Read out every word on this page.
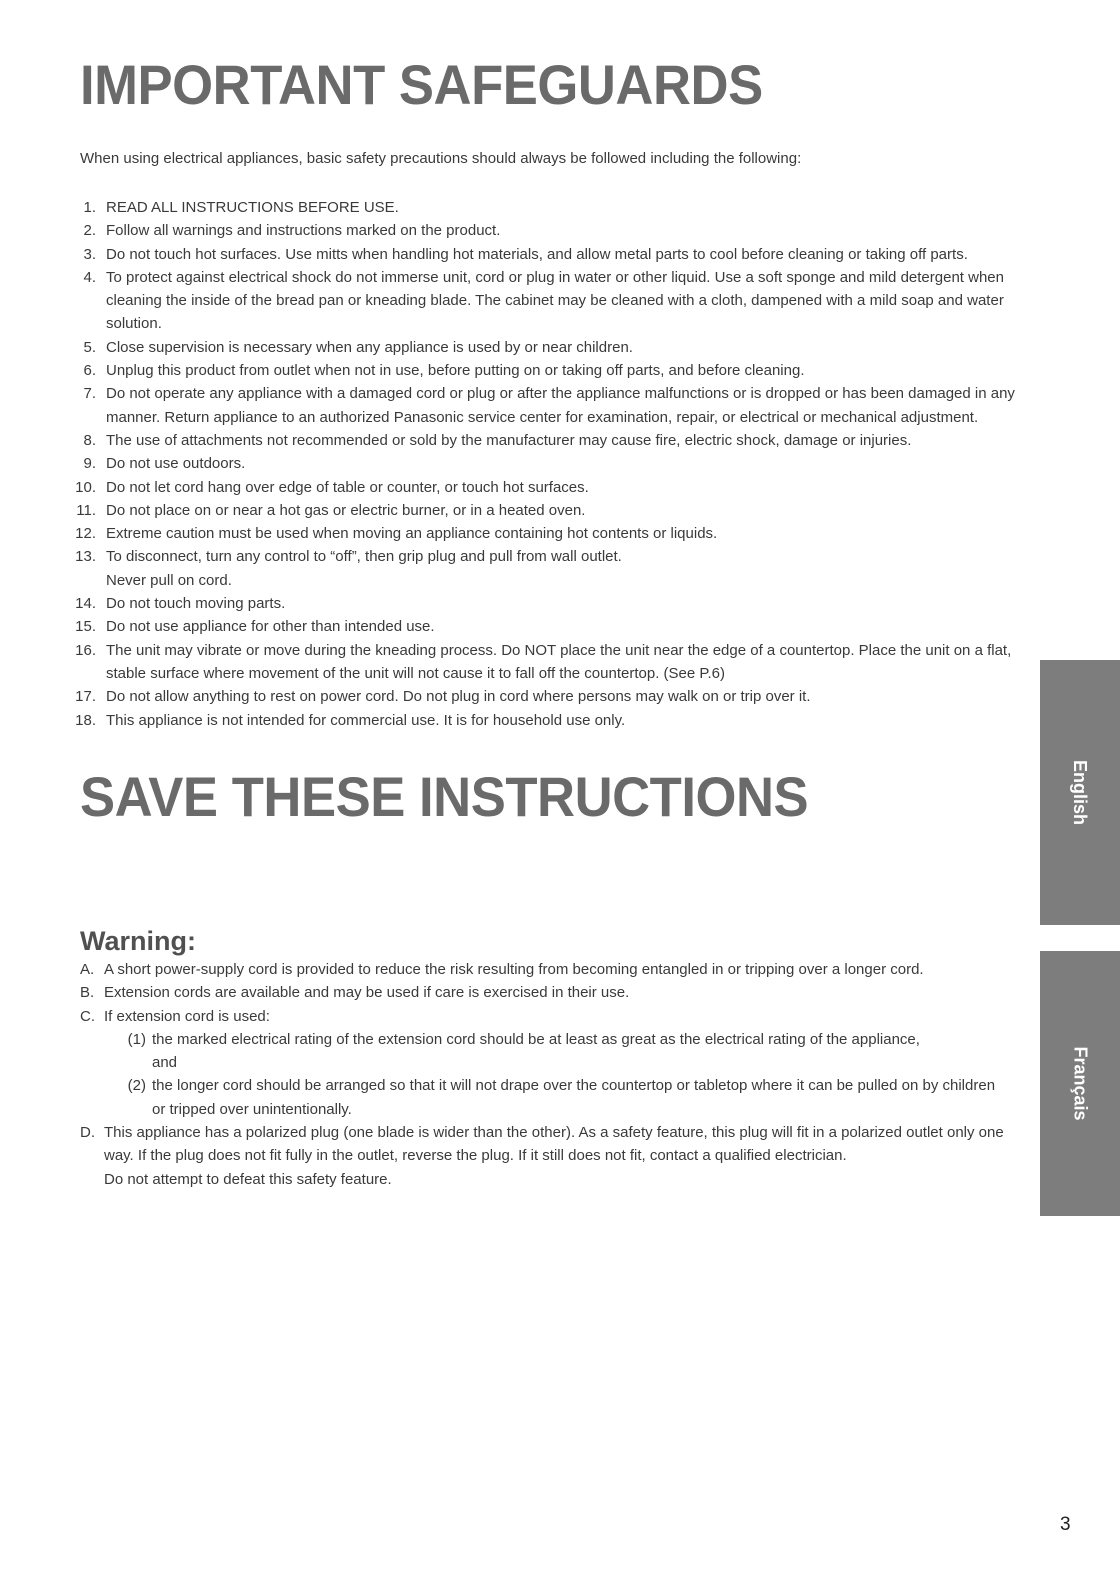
IMPORTANT SAFEGUARDS

When using electrical appliances, basic safety precautions should always be followed including the following:

1. READ ALL INSTRUCTIONS BEFORE USE.
2. Follow all warnings and instructions marked on the product.
3. Do not touch hot surfaces. Use mitts when handling hot materials, and allow metal parts to cool before cleaning or taking off parts.
4. To protect against electrical shock do not immerse unit, cord or plug in water or other liquid. Use a soft sponge and mild detergent when cleaning the inside of the bread pan or kneading blade. The cabinet may be cleaned with a cloth, dampened with a mild soap and water solution.
5. Close supervision is necessary when any appliance is used by or near children.
6. Unplug this product from outlet when not in use, before putting on or taking off parts, and before cleaning.
7. Do not operate any appliance with a damaged cord or plug or after the appliance malfunctions or is dropped or has been damaged in any manner. Return appliance to an authorized Panasonic service center for examination, repair, or electrical or mechanical adjustment.
8. The use of attachments not recommended or sold by the manufacturer may cause fire, electric shock, damage or injuries.
9. Do not use outdoors.
10. Do not let cord hang over edge of table or counter, or touch hot surfaces.
11. Do not place on or near a hot gas or electric burner, or in a heated oven.
12. Extreme caution must be used when moving an appliance containing hot contents or liquids.
13. To disconnect, turn any control to “off”, then grip plug and pull from wall outlet.
Never pull on cord.
14. Do not touch moving parts.
15. Do not use appliance for other than intended use.
16. The unit may vibrate or move during the kneading process. Do NOT place the unit near the edge of a countertop. Place the unit on a flat, stable surface where movement of the unit will not cause it to fall off the countertop. (See P.6)
17. Do not allow anything to rest on power cord. Do not plug in cord where persons may walk on or trip over it.
18. This appliance is not intended for commercial use. It is for household use only.
SAVE THESE INSTRUCTIONS
Warning:
A. A short power-supply cord is provided to reduce the risk resulting from becoming entangled in or tripping over a longer cord.
B. Extension cords are available and may be used if care is exercised in their use.
C. If extension cord is used:
(1) the marked electrical rating of the extension cord should be at least as great as the electrical rating of the appliance,
and
(2) the longer cord should be arranged so that it will not drape over the countertop or tabletop where it can be pulled on by children or tripped over unintentionally.
D. This appliance has a polarized plug (one blade is wider than the other). As a safety feature, this plug will fit in a polarized outlet only one way. If the plug does not fit fully in the outlet, reverse the plug. If it still does not fit, contact a qualified electrician.
Do not attempt to defeat this safety feature.
English
Français

3
